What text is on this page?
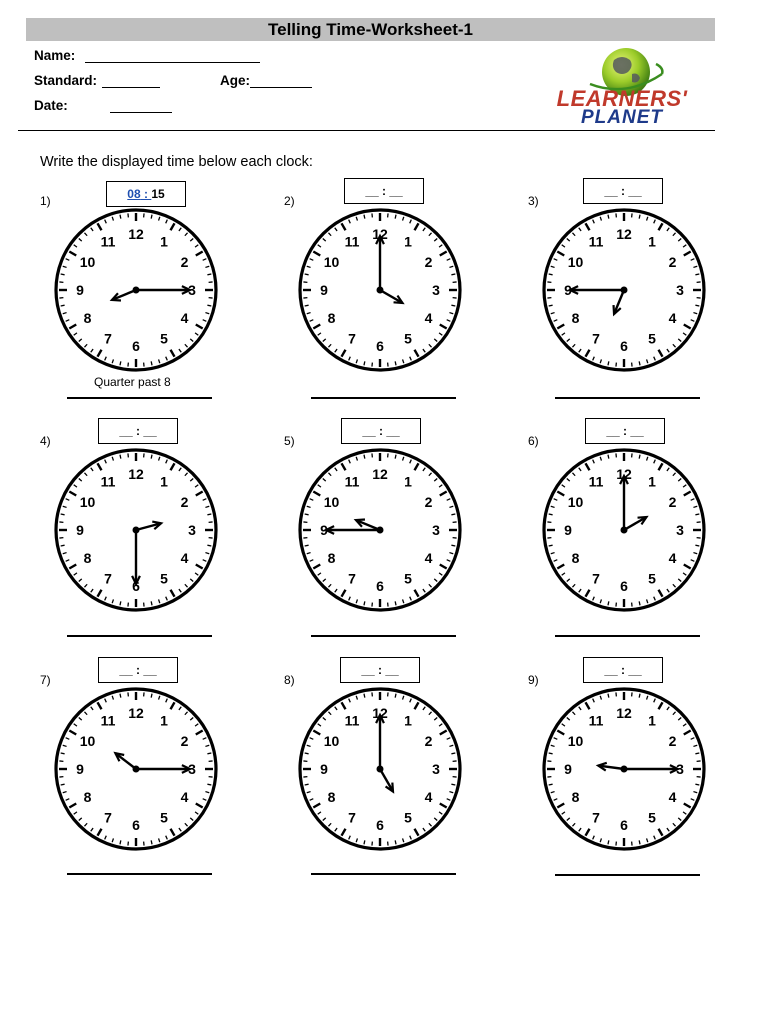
Telling Time-Worksheet-1
Name:
Standard:	Age:
Date:	LEARNERS'
PLANET
Write the displayed time below each clock:
1)	08 : 15
1
2
3
4
5
6
7
8
9
10
11 12
Quarter past 8
2)
__ : __
1
2
3
4
5
6
7
8
9
10
11 12
3)
__ : __
1
2
3
4
5
6
7
8
9
10
11 12
4)
__ : __
1
2
3
4
5
6
7
8
9
10
11 12
5)
__ : __
1
2
3
4
5
6
7
8
9
10
11 12
6)
__ : __
1
2
3
4
5
6
7
8
9
10
11 12
7)
__ : __
1
2
3
4
5
6
7
8
9
10
11 12
8)
__ : __
1
2
3
4
5
6
7
8
9
10
11 12
9)
__ : __
1
2
3
4
5
6
7
8
9
10
11 12
